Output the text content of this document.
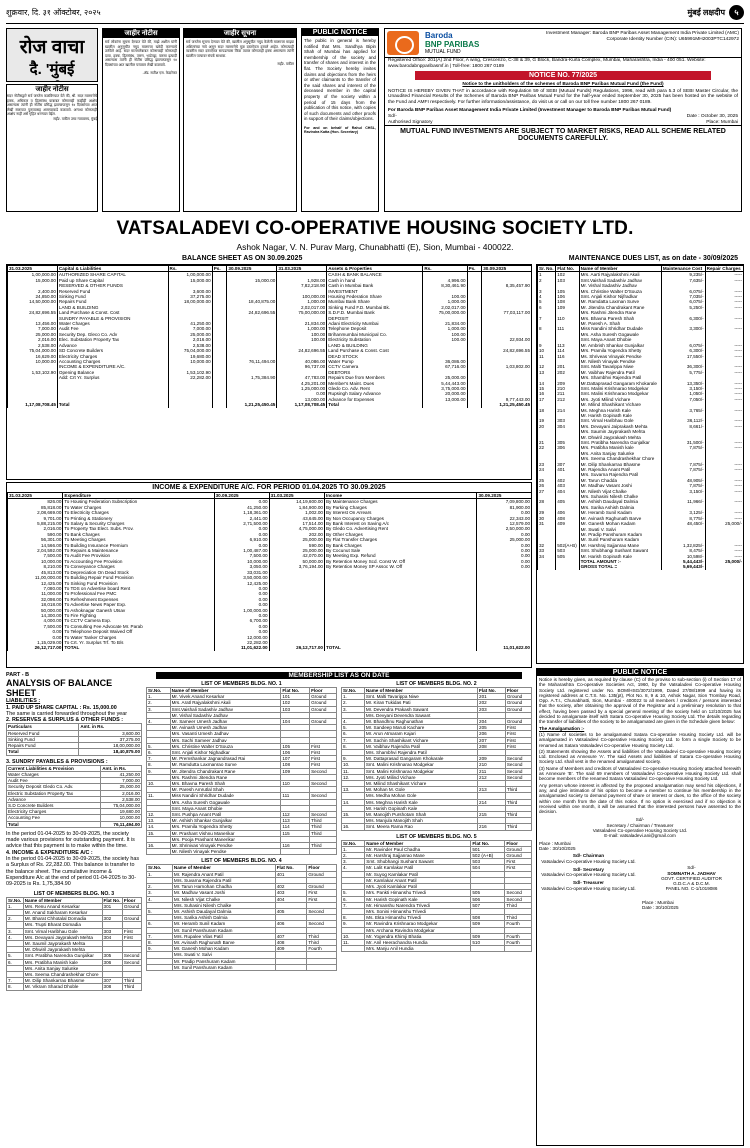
शुक्रवार, दि. ३१ ऑक्टोबर, २०२५	मुंबई लक्षदीप ५
रोज वाचा
दै. 'मुंबई
जाहीर नोटीस
सदर नोटीसद्वारे सर्व जनतेस कळविण्यात येते की, श्री. सदर मालमत्तेचे हक्क, अधिकार व हितसंबंध याबाबत कोणासही काहीही आक्षेप असल्यास त्यांनी ही नोटीस प्रसिद्ध झाल्यापासून १४ दिवसांच्या आत लेखी स्वरुपात पुराव्यासह आमच्याकडे कळवावे. अन्यथा कोणताही आक्षेप नाही असे गृहित धरण्यात येईल.
सही/- वकील उच्च न्यायालय, मुंबई
जाहीर नोटीस
सर्व लोकांना सूचना देण्यात येते की, माझे अशील यांनी खालील अनुसूचीत नमुद मालमत्ता खरेदी करण्याचे ठरविले आहे. सदर मालमत्तेबाबत कोणाचाही कोणताही दावा, हक्क, हितसंबंध, तारण, भाडेपट्टा, वारसा इत्यादी असल्यास त्यांनी ही नोटीस प्रसिद्ध झाल्यापासून १४ दिवसांच्या आत खालील पत्त्यावर लेखी कळवावे.
-ॲड. सतीश एस. केदारेकर
जाहीर सूचना
सर्व जनतेस सूचना देण्यात येते की, खालील अनुसूचीत नमुद केलेली मालमत्ता माझ्या अशिलांच्या नावे असून सदर मालमत्तेचे मूळ दस्तऐवज हरवले आहेत. कोणत्याही व्यक्तीस सदर दस्तऐवज सापडल्यास किंवा त्यावर कोणताही हक्क असल्यास त्यांनी खालील पत्त्यावर संपर्क साधावा.
सही/- वकील
PUBLIC NOTICE
The public in general is hereby notified that Mrs. Sandhya Bipin Shah of Mumbai has applied for membership of the society and transfer of shares and interest in the flat. The Society hereby invites claims and objections from the heirs or other claimants to the transfer of the said shares and interest of the deceased member in the capital property of the society within a period of 15 days from the publication of this notice, with copies of such documents and other proofs in support of their claims/objections.
For and on behalf of Rahul CHSL, Ravindra Katta (Hon. Secretary)
Baroda
BNP PARIBAS
MUTUAL FUND
Investment Manager: Baroda BNP Paribas Asset Management India Private Limited (AMC)
Corporate Identity Number (CIN): U65991MH2003PTC142972
Registered Office: 201(A) 2nd Floor, A wing, Crescenzo, C-38 & 39, G Block, Bandra-Kurla Complex, Mumbai, Maharashtra, India - 400 051. Website: www.barodabnpparibasmf.in | Toll-free: 1800 267 0189
NOTICE NO. 77/2025
Notice to the unitholders of the schemes of Baroda BNP Paribas Mutual Fund (the Fund)
NOTICE IS HEREBY GIVEN THAT in accordance with Regulation 59 of SEBI (Mutual Funds) Regulations, 1996, read with para 5.3 of SEBI Master Circular, the Unaudited Financial Results of the Schemes of Baroda BNP Paribas Mutual Fund for the half-year ended September 30, 2025 has been hosted on the website of the Fund and AMFI respectively. For further information/assistance, do visit us or call on our toll free number 1800 267 0189.
For Baroda BNP Paribas Asset Management India Private Limited (Investment Manager to Baroda BNP Paribas Mutual Fund)
Sd/-
Authorised Signatory
Date : October 30, 2025
Place: Mumbai
MUTUAL FUND INVESTMENTS ARE SUBJECT TO MARKET RISKS, READ ALL SCHEME RELATED DOCUMENTS CAREFULLY.
VATSALADEVI CO-OPERATIVE HOUSING SOCIETY LTD.
Ashok Nagar, V. N. Purav Marg, Chunabhatti (E), Sion, Mumbai - 400022.
BALANCE SHEET AS ON 30.09.2025	MAINTENANCE DUES LIST, as on date - 30/09/2025
31.03.2025	Capital & Liabilities	Rs.	Ps.	30.09.2025	31.03.2025	Assets & Properties	Rs.	Ps.	30.09.2025
1,00,000.00	AUTHORIZED SHARE CAPITAL	1,00,000.00				CASH & BANK BALANCE			
15,000.00	Paid up Share Capital	15,000.00		15,000.00	1,928.00	Cash in hand	4,996.00		
	RESERVED & OTHER FUNDS				7,82,218.90	Cash in Mumbai Bank	8,30,461.90		8,35,457.90
2,400.00	Reserved Fund	3,600.00				INVESTMENT			
24,850.00	Sinking Fund	37,275.00			100,000.00	Housing Federation Share	100.00		
14,50,000.00	Repairs Fund	18,00,000.00		18,40,875.00	1,000.00	Mumbai Bank Share	1,000.00		
	LAND & BUILDING				2,02,017.00	Sinking Fund F.D. Mumbai Bk.	2,02,017.00		
24,82,696.55	Land Purchase & Const. Cost			24,82,696.55	75,00,000.00	S.D.F.D. Mumbai Bank	75,00,000.00		77,03,117.00
	SUNDRY PAYABLE & PROVISION					DEPOSIT			
13,456.00	Water Charges	41,250.00			21,834.00	Adani Electricity Mumbai	21,834.00		
7,000.00	Audit Fee	7,000.00			1,000.00	Telephone Deposit	1,000.00		
25,000.00	Security Dep. Gleco Co. Adv	25,000.00			100.00	Brihanmumbai Municipal Co.	100.00		
2,016.00	Elec. Substation Property Tax	2,016.00			100.00	Electricity Substation	100.00		22,934.00
2,538.00	Advance	2,538.00				LAND & BUILDING			
75,04,000.00	SD Concrete Builders	75,04,000.00			24,82,696.55	Land Purchase & Const. Cost			24,82,696.55
16,629.00	Electricity Charges	19,680.00				DEAD STOCK			
10,000.00	Accounting Charges	10,000.00		76,11,494.00	40,086.00	Water Pump	36,086.00		
	INCOME & EXPENDITURE A/C.				96,737.00	CCTV Camera	67,716.00		1,03,802.00
1,53,102.90	Opening Balance	1,53,102.90				DEBTORS			
	Add: Crt Yr. Surplus	22,282.00		1,75,384.90	47,783.00	Repairs Due from Members	25,000.00		
					4,25,201.00	Member's Maint. Dues	5,44,443.00		
					1,25,000.00	Gledo Co. Adv. Rent	3,75,000.00		
					0.00	Rupsingh Salary Advance	20,000.00		
					13,000.00	Advance for Expenses	13,000.00		9,77,443.00
1,17,08,708.45	Total			1,21,25,450.45	1,17,08,708.45	Total			1,21,25,450.45
Sr. No.	Flat No.	Name of Member	Maintenance Cost	Repair Charges
1	102	Mrs. Aarti Rajyalakshmi Akali	9,235/-	-----
2	103	Smt.Vaishali Sadashiv Jadhav	7,635/-	-----
		Mr. Vishal Sadashiv Jadhav		
3	105	Mrs. Christine Walter D'Souza	6,075/-	-----
4	106	Smt. Anjali Kishor Nijfradkar	7,035/-	-----
5	108	Mr. Ramdatta Laxman Surve	6,075/-	-----
6	109	Mr. Jitendra Chandrakant Rane	5,250/-	-----
		Mrs. Rashmi Jitendra Rane		
7	110	Mrs. Bhavna Paresh Shah	6,300/-	-----
		Mr. Paresh A. Shah		
8	111	Miss Nandini Shridhar Dudade	3,300/-	-----
		Mrs. Asha Suresh Gogawale		
		Smt. Maya Anant Dhobie		
9	113	Mr. Ambrish Shankar Gunjalkar	6,075/-	-----
10	114	Mrs. Pramila Yogendra Shetty	6,300/-	-----
11	116	Ms. Shriveas Vinayak Pendse	17,550/-	-----
		Mr. Nilesh Vinayak Pendse		
12	201	Smt. Malti Tavarippa Niwe	36,300/-	-----
13	202	Mr. Vaibhav Rajendra Patil	5,775/-	-----
		Mrs. Shambhvi Rajendra Patil		
14	209	Mr.Dattaprasad Gangaram Khokarale	13,350/-	-----
15	210	Smt. Malini Krishnarao Modgekar	3,150/-	-----
16	211	Smt. Malini Krishnarao Modgekar	1,050/-	-----
17	212	Mrs. Jyoti Milind Vichare	7,050/-	-----
		Mr. Milind Shashikant Vichare		
18	214	Ms. Meghna Harish Kale	3,765/-	-----
		Mr. Harish Gopinath Kale		
19	303	Smt. Vimal Haribhau Gole	36,112/-	-----
20	304	Mrs. Devayani Jaiprakash Mehta	8,661/-	-----
		Mrs. Saumin Jayprakash Mehta		
		Mr. Dhwiril Jayprakash Mehta		
21	305	Smt. Pratibha Narendra Gunjalkar	31,500/-	-----
22	306	Mrs. Pratibha Manish kale	7,875/-	-----
		Mrs. Anita Sanjay Salunke		
		Mrs. Seema Chandrashekhar Chore		
23	307	Mr. Dilip Shankarrao Bhasme	7,875/-	-----
24	401	Mr. Rajendra Anant Patil	7,875/-	-----
		Mrs. Suvarna Rajendra Patil		
25	402	Mr. Tarun Chadda	48,905/-	-----
26	403	Mr. Madhav Vasant Joshi	7,875/-	-----
27	404	Mr. Nilesh Vijat Chalke	3,150/-	-----
		Mrs. Suhasini Nilesh Chalke		
28	405	Mr. Ashish Daudayal Dalmia	11,966/-	-----
		Mrs. Sarika Ashish Dalmia		
29	406	Mr. Heramb Sunil Kadam	3,125/-	-----
30	408	Mr. Avinash Raghunath Barve	8,775/-	-----
31	409	Mr. Ganesh Mohan Kadam	48,450/-	25,000/-
		Mr. Swati V. Salvi		
		Mr. Pradip Panshuram Kadam		
		Mr. Sunil Panshuram Kadam		
32	502(A+B)	Mr. Harshraj Sajjanrao Mane	1,32,825/-	-----
33	503	Smt. Shubhangi Sushant Sawant	8,475/-	-----
34	505	Mr. Harish Gopinath Kale	10,598/-	-----
		TOTAL AMOUNT :-	5,44,443/-	25,000/-
		GROSS TOTAL =	5,69,443/-	
INCOME & EXPENDITURE A/C. FOR PERIOD 01.04.2025 TO 30.09.2025
31.03.2025	Expenditure	30.09.2025	31.03.2025	Income	30.09.2025
826.00	To Housing Federation Subscription	0.00	14,19,600.00	By Maintenance Charges	7,09,800.00
85,818.00	To Water Charges	41,250.00	1,84,900.00	By Parking Charges	81,900.00
2,08,669.00	To Electricity Charges	1,18,361.00	1,002.00	By Interest On Arrears	0.00
9,701.00	To Printing & Stationery	2,441.00	43,645.00	By Non Occupancy Charges	22,343.00
5,88,215.00	To Salary & Security Charges	2,71,500.00	17,514.00	By Bank Interest on Saving A/c	12,579.00
2,016.00	To Property Tax Elect. Subs. Prov.	0.00	4,75,000.00	By Gledo Co. Advertising Rent	2,50,000.00
590.00	To Bank Charges	0.00	202.00	By Other Charges	0.00
56,301.00	To Meeting Charges	6,910.00	25,000.00	By Flat Transfer Charges	25,000.00
14,566.00	To Building Insurance Premium	0.00	590.00	By Bank Charges	0.00
2,04,592.00	To Repairs & Maintenance	1,00,487.00	25,000.00	By Cocunut Sale	0.00
7,500.00	To Audit Fee Provision	7,500.00	42,070.00	By Meeting Exp. Refund	0.00
10,000.00	To Accounting Fee Provision	10,000.00	50,000.00	By Retention Money Scd. Const W. Off	0.00
8,210.00	To Conveyance Charges	3,050.00	3,76,194.00	By Retention Money SP Assoc W. Off	0.00
45,813.00	To Depreciation On Dead Stock	33,031.00			
11,00,000.00	To Building Repair Fund Provision	3,50,000.00			
12,425.00	To Sinking Fund Provision	12,425.00			
7,080.00	To TDS on Advertise board Rent	0.00			
11,000.00	To Professional Fee PMC	0.00			
32,098.00	To Refreshment Expenses	0.00			
18,018.00	To Advertise News Paper Exp.	0.00			
50,000.00	To Ashoknagar Ganesh Utsav	1,00,000.00			
14,300.00	To Fire Fighting	0.00			
4,000.00	To CCTV Camera Exp.	6,700.00			
7,500.00	To Consulting Fee Advocate Mr. Parab	0.00			
0.00	To Telephone Deposit Waived Off	0.00			
0.00	To Water Tanker Charges	12,000.00			
1,15,029.00	To Crt. Yr. Surplus Trf. To B/s	22,282.00			
26,12,717.00	TOTAL	11,01,622.00	26,12,717.00	TOTAL	11,01,622.00
PART - B
ANALYSIS OF BALANCE SHEET
LIABILITIES :
1. PAID UP SHARE CAPITAL : Rs. 15,000.00
The same is carried forwarded throughout the year
2. RESERVES & SURPLUS & OTHER FUNDS :
Particulars	Amt. in Rs.
Reserved Fund	3,600.00
Sinking Fund	37,275.00
Repairs Fund	18,00,000.00
Total	18,40,875.00
3. SUNDRY PAYABLES & PROVISIONS :
Current Liabilities & Provision	Amt. in Rs.
Water Charges	41,250.00
Audit Fee	7,000.00
Security Deposit Gledo Co. Adv.	25,000.00
Electric Substation Property Tax	2,016.00
Advance	2,538.00
S.D Concrete Builders	75,04,000.00
Electricity Charges	19,680.00
Accounting Fee	10,000.00
Total	76,11,494.00
In the period 01-04-2025 to 30-09-2025, the society made various provisions for outstanding payment. It is advice that this payment is to make within the time.
4. INCOME & EXPENDITURE A/C :
In the period 01-04-2025 to 30-09-2025, the society has a Surplus of Rs. 22,282.00. This balance is transfer to the balance sheet. The cumulative income & Expenditure A/c at the end of period 01-04-2025 to 30-09-2025 is Rs. 1,75,384.90
LIST OF MEMBERS BLDG. NO. 3
Sr.No.	Name of Member	Flat No.	Floor
1.	Mrs. Renu Anand Kesarkar	301	Ground
	Mr. Anand Sakharam Kesarkar		
2.	Mr. Bharat Chhotalal Domadia	302	Ground
	Mrs. Trupti Bharat Domadia		
3.	Smt. Vimal Haribhau Gole	303	First
4.	Mrs. Devayani Jayprakash Mehta	304	First
	Mr. Saumil Jayprakash Mehta		
	Mr. Dhwiril Jayprakash Mehta		
5.	Smt. Pratibha Narendra Gunjalkar	305	Second
6.	Mrs. Pratibha Manish kale	306	Second
	Mrs. Anita Sanjay Salunke		
	Mrs. Seema Chandrashekhar Chore		
7.	Mr. Dilip Shankarrao Bhasme	307	Third
8.	Mr. Vikram Sharad Dhoble	308	Third
MEMBERSHIP LIST AS ON DATE
LIST OF MEMBERS BLDG. NO. 1
Sr.No.	Name of Member	Flat No.	Floor
1.	Mr. Vivek Anand Kesarkar	101	Ground
2.	Mrs. Aratl Rajyalakshmi Akali	102	Ground
3.	Smt.Vaishali Sadashiv Jadhav	103	Ground
	Mr. Vishal Sadashiv Jadhav		
4.	Mr. Sameer Umesh Jadhav	104	Ground
	Mr. Avinash Umesh Jadhav		
	Mrs. Vasanti Umesh Jadhav		
	Mrs. Sachi Sameer Jadhav		
5.	Mrs. Christine Walter D'Souza	105	First
6.	Smt. Anjali Kishor Nighadkar	106	First
7.	Mr. Premshankar Jagnandrasad Rai	107	First
8.	Mr. Ramdutta Laxmanrao Surve	108	First
9.	Mr. Jitendra Chandrakant Rane	109	Second
	Mrs. Rashmi Jitendra Rane		
10.	Mrs. Bhavna Paresh Shah	110	Second
	Mr. Paresh Amrutlal Shah		
11.	Miss Nandini Shridhar Dudade	111	Second
	Mrs. Asha Suresh Gogawale		
	Smt. Maya Anant Dhobie		
12.	Smt. Pushpa Anant Patil	112	Second
13.	Mr. Ashish Shankar Gunjalkar	113	Third
14.	Mrs. Pramila Yogendra Shetty	114	Third
15.	Mr. Prashant Vishnu Manerikar	115	Third
	Mrs. Pooja Prashant Manerikar		
16.	Mr. Shrinivas Vinayak Pendse	116	Third
	Mr. Nilesh Vinayak Pendse		
LIST OF MEMBERS BLDG. NO. 4
Sr.No.	Name of Member	Flat No.	Floor
1.	Mr. Rajendra Anant Patil	401	Ground
	Mrs. Suvarna Rajendra Patil		
2.	Mr. Tarun Harnohan Chadha	402	Ground
3.	Mr. Madhav Vasant Joshi	403	First
4.	Mr. Nilesh Vijat Chalke	404	First
	Mrs. Suhasini Nilesh Chalke		
5.	Mr. Ashish Daudayal Dalmia	405	Second
	Mrs. Sarika Ashish Dalmia		
6.	Mr. Heramb Sunil Kadam	406	Second
	Mr. Sunil Panshuram Kadam		
7.	Mrs. Rupalee Vilas Patil	407	Third
8.	Mr. Avinash Raghunath Barve	408	Third
9.	Mr. Ganesh Mohan Kadam	409	Fourth
	Mrs. Swati V. Salvi		
	Mr. Pradip Panshuram Kadam		
	Mr. Sunil Panshuram Kadam		
LIST OF MEMBERS BLDG. NO. 2
Sr.No.	Name of Member	Flat No.	Floor
1.	Smt. Malti Tavarippa Niwe	201	Ground
2.	Mr. Kiran Tukidas Pati	202	Ground
3.	Mr. Devendra Prakash Sawant	203	Ground
	Mrs. Devyani Devendra Sawant		
4.	Mr. Bhandhnu Raghunathan	204	Ground
5.	Mr. Sandeep Maruti Kachare	205	First
6.	Mr. Arun Atmaram Kajari	206	First
7.	Mr. Sachin Shashikant Vichare	207	First
8.	Mr. Vaibhav Rajendra Patil	208	First
	Mrs. Shambhvi Rajendra Patil		
9.	Mr. Dattaprasad Gangaram Khokarale	209	Second
10.	Smt. Malini Krishnarao Modgekar	210	Second
11.	Smt. Malini Krishnarao Modgekar	211	Second
12.	Mrs. Jyoti Milind Vichare	212	Second
	Mr. Milind Shashikant Vichare		
13.	Mr. Mohan M. Gole	213	Third
	Mrs. Medha Mohan Gole		
14.	Mrs. Meghna Harish Kale	214	Third
	Mr. Harish Gopinath Kale		
15.	Mr. Manojith Purshotam Shah	215	Third
	Mrs. Manjula Manojith Shah		
16.	Smt. Meera Rama Rao	216	Third
LIST OF MEMBERS BLDG. NO. 5
Sr.No.	Name of Member	Flat No.	Floor
1.	Mr. Ravinder Paul Chadha	501	Ground
2.	Mr. Harshraj Sajjanrao Mane	502 (A+B)	Ground
3.	Smt. Shubhangi Sushant Sawant	503	First
4.	Mr. Lalit Kamlakar Patil	504	First
	Mr. Suyog Kamlakar Patil		
	Mr. Kamlakar Anant Patil		
	Mrs. Jyoti Kamlakar Patil		
5.	Mrs. Pankti Himanshu Trivedi	505	Second
6.	Mr. Harish Gopinath Kale	506	Second
7.	Mr. Himanshu Narendra Trivedi	507	Third
	Mrs. Sonini Himanshu Trivedi		
8.	Ms. Ekta Himanshu Trivedi	508	Third
9.	Mr. Ravindra Krishnarao Modgekar	509	Fourth
	Mrs. Archana Ravindra Modgekar		
10.	Mr. Yogendra Khimji Bhatia	509	Fourth
11.	Mr. Anil Heerachandra Hundia	510	Fourth
	Mrs. Manju Anil Hundia		
PUBLIC NOTICE
Notice is hereby given, as required by clause (C) of the proviso to sub-section (i) of Section 17 of the Maharashtra Co-operative Societies Act, 1960, by the Vatsaladevi Co-operative Housing Society Ltd. registered under No. BOM/HSG/3072/1999, Dated 27/08/1999 and having its registered address at C.T.S. No. 135(pt), Plot No. 8, 9 & 10, Ashok Nagar, Sion Trombay Road, Opp. A.T.I., Chunabhatti, Sion, Mumbai - 400022 to all members / creditors / persons interested that the society, after obtaining the approval of the Registrar and a preliminary resolution to that effect, having been passed by a special general meeting of the society held on 12/10/2025 has decided to amalgamate itself with Satara Co-operative Housing Society Ltd. The details regarding the transfer of liabilities of the society to be amalgamated are given in the Schedule given below:
The Amalgamation :-
(1) Name of societies to be amalgamated Satara Co-operative Housing Society Ltd. will be amalgamated in Vatsaladevi Co-operative Housing Society Ltd. to form a single Society to be renamed as Satara Vatsaladevi Co-operative Housing Society Ltd.
(2) Statements showing the Assets and liabilities of the Vatsaladevi Co-operative Housing Society Ltd. Enclosed as Annexure 'A'. The said Assets and liabilities of Satara Co-operative Housing Society Ltd. shall vest in the renamed amalgamated society.
(3) Name of Members and creditors of Vatsaladevi Co-operative Housing Society attached herewith as Annexure 'B'. The said 69 members of Vatsaladevi Co-operative Housing Society Ltd. shall become members of the renamed Satara Vatsaladevi Co-operative Housing Society Ltd.
Any person whose interest is affected by the proposed amalgamation may send his objections, if any, and give intimation of his option to become a member to continue his membership in the amalgamated society to demand payment of share or interest or dues, to the office of the society within one month from the date of this notice. If no option is exercised and if no objection is received within one month, it will be assumed that the interested persons have assented to the decision.
Sd/-
Secretary / Chairman / Treasurer
Vatsaladevi Co-operative Housing Society Ltd.
E-mail: vatsaladevi.ani@gmail.com
Place : Mumbai
Date : 30/10/2025
Sd/- Chairman
Vatsaladevi Co-operative Housing Society Ltd.
Sd/- Secretary
Vatsaladevi Co-operative Housing Society Ltd.
Sd/- Treasurer
Vatsaladevi Co-operative Housing Society Ltd.
Sd/-
SOMNATH A. JADHAV
GOVT. CERTIFIED AUDITOR
G.D.C.A & D.C.M.
PANEL NO. C-1/1019086
Place : Mumbai
Date : 30/10/2025
